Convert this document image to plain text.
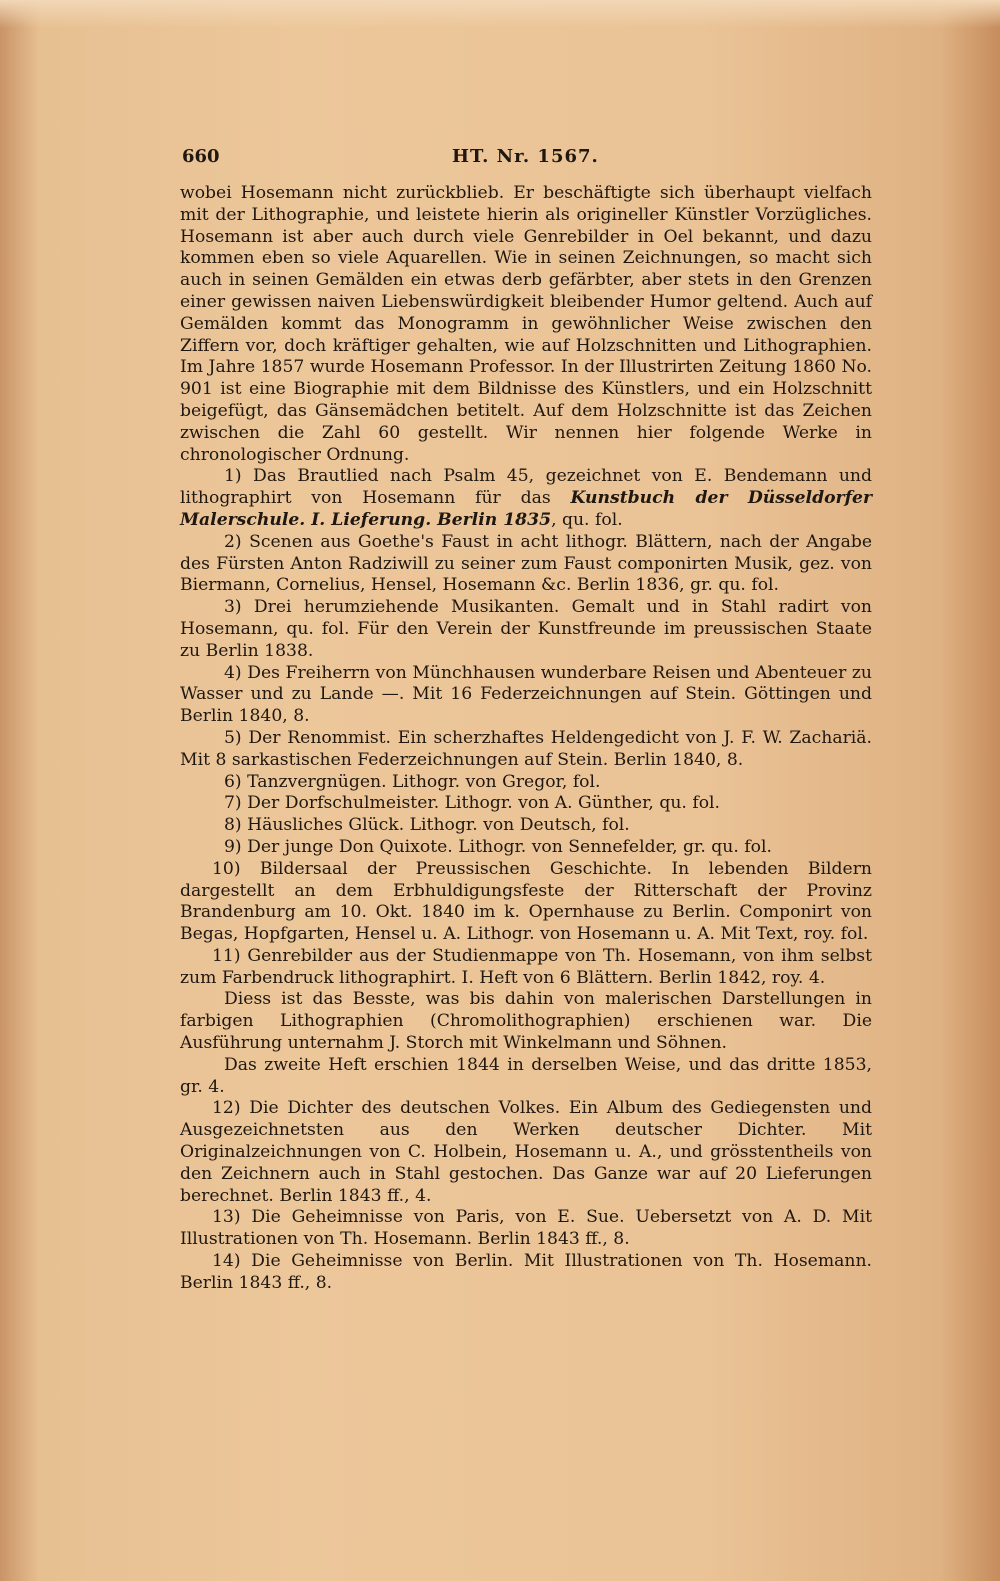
660	HT. Nr. 1567.

wobei Hosemann nicht zurückblieb. Er beschäftigte sich überhaupt vielfach mit der Lithographie, und leistete hierin als origineller Künstler Vorzügliches. Hosemann ist aber auch durch viele Genrebilder in Oel bekannt, und dazu kommen eben so viele Aquarellen. Wie in seinen Zeichnungen, so macht sich auch in seinen Gemälden ein etwas derb gefärbter, aber stets in den Grenzen einer gewissen naiven Liebenswürdigkeit bleibender Humor geltend. Auch auf Gemälden kommt das Monogramm in gewöhnlicher Weise zwischen den Ziffern vor, doch kräftiger gehalten, wie auf Holzschnitten und Lithographien. Im Jahre 1857 wurde Hosemann Professor. In der Illustrirten Zeitung 1860 No. 901 ist eine Biographie mit dem Bildnisse des Künstlers, und ein Holzschnitt beigefügt, das Gänsemädchen betitelt. Auf dem Holzschnitte ist das Zeichen zwischen die Zahl 60 gestellt. Wir nennen hier folgende Werke in chronologischer Ordnung.

1) Das Brautlied nach Psalm 45, gezeichnet von E. Bendemann und lithographirt von Hosemann für das Kunstbuch der Düsseldorfer Malerschule. I. Lieferung. Berlin 1835, qu. fol.

2) Scenen aus Goethe's Faust in acht lithogr. Blättern, nach der Angabe des Fürsten Anton Radziwill zu seiner zum Faust componirten Musik, gez. von Biermann, Cornelius, Hensel, Hosemann &c. Berlin 1836, gr. qu. fol.

3) Drei herumziehende Musikanten. Gemalt und in Stahl radirt von Hosemann, qu. fol. Für den Verein der Kunstfreunde im preussischen Staate zu Berlin 1838.

4) Des Freiherrn von Münchhausen wunderbare Reisen und Abenteuer zu Wasser und zu Lande —. Mit 16 Federzeichnungen auf Stein. Göttingen und Berlin 1840, 8.

5) Der Renommist. Ein scherzhaftes Heldengedicht von J. F. W. Zachariä. Mit 8 sarkastischen Federzeichnungen auf Stein. Berlin 1840, 8.

6) Tanzvergnügen. Lithogr. von Gregor, fol.

7) Der Dorfschulmeister. Lithogr. von A. Günther, qu. fol.

8) Häusliches Glück. Lithogr. von Deutsch, fol.

9) Der junge Don Quixote. Lithogr. von Sennefelder, gr. qu. fol.

10) Bildersaal der Preussischen Geschichte. In lebenden Bildern dargestellt an dem Erbhuldigungsfeste der Ritterschaft der Provinz Brandenburg am 10. Okt. 1840 im k. Opernhause zu Berlin. Componirt von Begas, Hopfgarten, Hensel u. A. Lithogr. von Hosemann u. A. Mit Text, roy. fol.

11) Genrebilder aus der Studienmappe von Th. Hosemann, von ihm selbst zum Farbendruck lithographirt. I. Heft von 6 Blättern. Berlin 1842, roy. 4.

Diess ist das Besste, was bis dahin von malerischen Darstellungen in farbigen Lithographien (Chromolithographien) erschienen war. Die Ausführung unternahm J. Storch mit Winkelmann und Söhnen.

Das zweite Heft erschien 1844 in derselben Weise, und das dritte 1853, gr. 4.

12) Die Dichter des deutschen Volkes. Ein Album des Gediegensten und Ausgezeichnetsten aus den Werken deutscher Dichter. Mit Originalzeichnungen von C. Holbein, Hosemann u. A., und grösstentheils von den Zeichnern auch in Stahl gestochen. Das Ganze war auf 20 Lieferungen berechnet. Berlin 1843 ff., 4.

13) Die Geheimnisse von Paris, von E. Sue. Uebersetzt von A. D. Mit Illustrationen von Th. Hosemann. Berlin 1843 ff., 8.

14) Die Geheimnisse von Berlin. Mit Illustrationen von Th. Hosemann. Berlin 1843 ff., 8.
